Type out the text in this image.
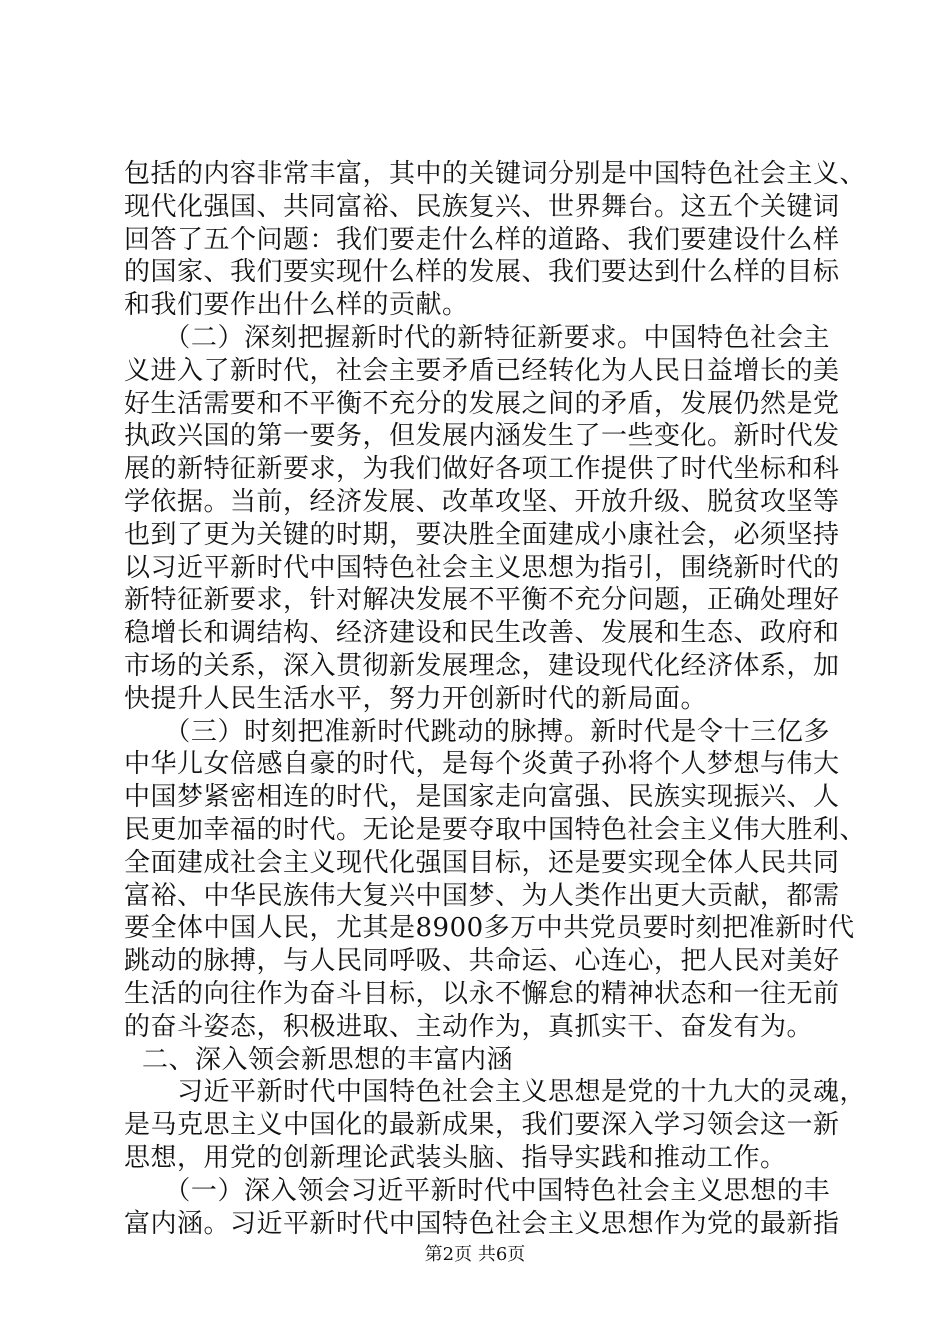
包括的内容非常丰富，其中的关键词分别是中国特色社会主义、
现代化强国、共同富裕、民族复兴、世界舞台。这五个关键词
回答了五个问题：我们要走什么样的道路、我们要建设什么样
的国家、我们要实现什么样的发展、我们要达到什么样的目标
和我们要作出什么样的贡献。
　　（二）深刻把握新时代的新特征新要求。中国特色社会主
义进入了新时代，社会主要矛盾已经转化为人民日益增长的美
好生活需要和不平衡不充分的发展之间的矛盾，发展仍然是党
执政兴国的第一要务，但发展内涵发生了一些变化。新时代发
展的新特征新要求，为我们做好各项工作提供了时代坐标和科
学依据。当前，经济发展、改革攻坚、开放升级、脱贫攻坚等
也到了更为关键的时期，要决胜全面建成小康社会，必须坚持
以习近平新时代中国特色社会主义思想为指引，围绕新时代的
新特征新要求，针对解决发展不平衡不充分问题，正确处理好
稳增长和调结构、经济建设和民生改善、发展和生态、政府和
市场的关系，深入贯彻新发展理念，建设现代化经济体系，加
快提升人民生活水平，努力开创新时代的新局面。
　　（三）时刻把准新时代跳动的脉搏。新时代是令十三亿多
中华儿女倍感自豪的时代，是每个炎黄子孙将个人梦想与伟大
中国梦紧密相连的时代，是国家走向富强、民族实现振兴、人
民更加幸福的时代。无论是要夺取中国特色社会主义伟大胜利、
全面建成社会主义现代化强国目标，还是要实现全体人民共同
富裕、中华民族伟大复兴中国梦、为人类作出更大贡献，都需
要全体中国人民，尤其是8900多万中共党员要时刻把准新时代
跳动的脉搏，与人民同呼吸、共命运、心连心，把人民对美好
生活的向往作为奋斗目标，以永不懈怠的精神状态和一往无前
的奋斗姿态，积极进取、主动作为，真抓实干、奋发有为。
二、深入领会新思想的丰富内涵
　　习近平新时代中国特色社会主义思想是党的十九大的灵魂，
是马克思主义中国化的最新成果，我们要深入学习领会这一新
思想，用党的创新理论武装头脑、指导实践和推动工作。
　　（一）深入领会习近平新时代中国特色社会主义思想的丰
富内涵。习近平新时代中国特色社会主义思想作为党的最新指
第2页 共6页
